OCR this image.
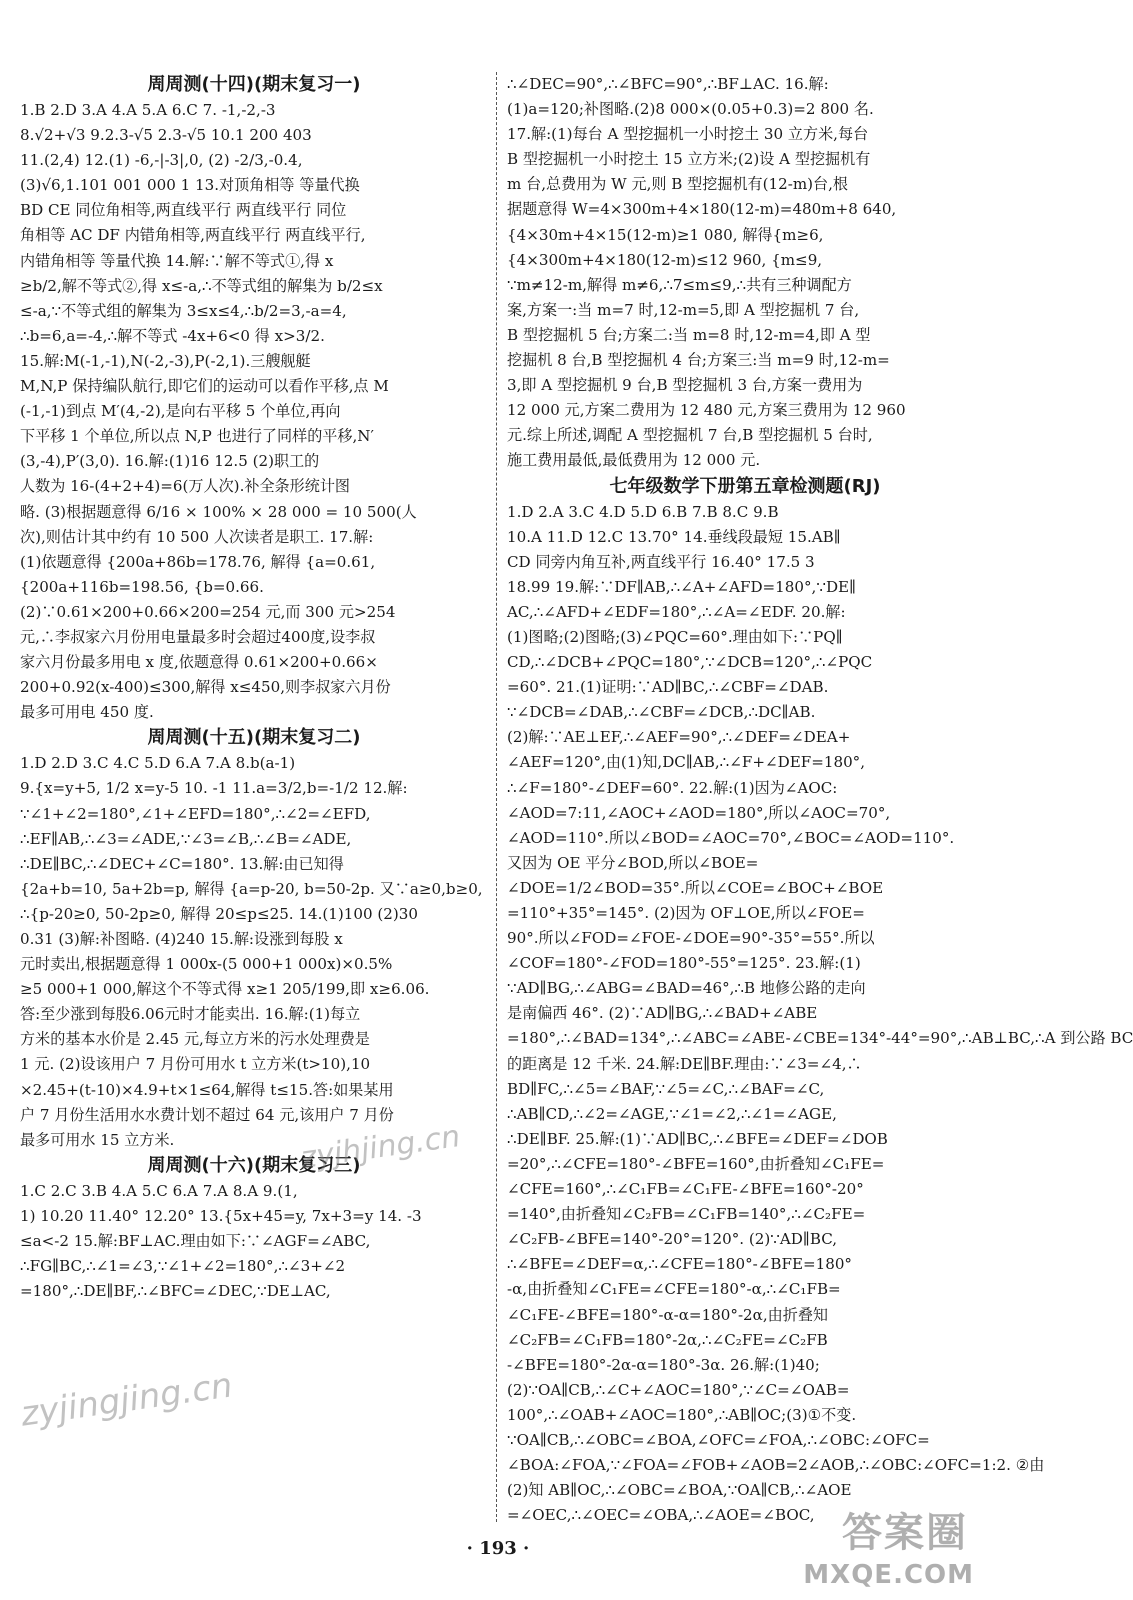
周周测(十四)(期末复习一)

1.B 2.D 3.A 4.A 5.A 6.C 7. -1,-2,-3

8.√2+√3 9.2.3-√5 2.3-√5 10.1 200 403

11.(2,4) 12.(1) -6,-|-3|,0, (2) -2/3,-0.4,

(3)√6,1.101 001 000 1 13.对顶角相等 等量代换

BD CE 同位角相等,两直线平行 两直线平行 同位

角相等 AC DF 内错角相等,两直线平行 两直线平行,

内错角相等 等量代换 14.解:∵解不等式①,得 x

≥b/2,解不等式②,得 x≤-a,∴不等式组的解集为 b/2≤x

≤-a,∵不等式组的解集为 3≤x≤4,∴b/2=3,-a=4,

∴b=6,a=-4,∴解不等式 -4x+6<0 得 x>3/2.

15.解:M(-1,-1),N(-2,-3),P(-2,1).三艘舰艇

M,N,P 保持编队航行,即它们的运动可以看作平移,点 M

(-1,-1)到点 M′(4,-2),是向右平移 5 个单位,再向

下平移 1 个单位,所以点 N,P 也进行了同样的平移,N′

(3,-4),P′(3,0). 16.解:(1)16 12.5 (2)职工的

人数为 16-(4+2+4)=6(万人次).补全条形统计图

略. (3)根据题意得 6/16 × 100% × 28 000 = 10 500(人

次),则估计其中约有 10 500 人次读者是职工. 17.解:

(1)依题意得 {200a+86b=178.76, 解得 {a=0.61,

{200a+116b=198.56, {b=0.66.

(2)∵0.61×200+0.66×200=254 元,而 300 元>254

元,∴李叔家六月份用电量最多时会超过400度,设李叔

家六月份最多用电 x 度,依题意得 0.61×200+0.66×

200+0.92(x-400)≤300,解得 x≤450,则李叔家六月份

最多可用电 450 度.

周周测(十五)(期末复习二)

1.D 2.D 3.C 4.C 5.D 6.A 7.A 8.b(a-1)

9.{x=y+5, 1/2 x=y-5 10. -1 11.a=3/2,b=-1/2 12.解:

∵∠1+∠2=180°,∠1+∠EFD=180°,∴∠2=∠EFD,

∴EF∥AB,∴∠3=∠ADE,∵∠3=∠B,∴∠B=∠ADE,

∴DE∥BC,∴∠DEC+∠C=180°. 13.解:由已知得

{2a+b=10, 5a+2b=p, 解得 {a=p-20, b=50-2p. 又∵a≥0,b≥0,

∴{p-20≥0, 50-2p≥0, 解得 20≤p≤25. 14.(1)100 (2)30

0.31 (3)解:补图略. (4)240 15.解:设涨到每股 x

元时卖出,根据题意得 1 000x-(5 000+1 000x)×0.5%

≥5 000+1 000,解这个不等式得 x≥1 205/199,即 x≥6.06.

答:至少涨到每股6.06元时才能卖出. 16.解:(1)每立

方米的基本水价是 2.45 元,每立方米的污水处理费是

1 元. (2)设该用户 7 月份可用水 t 立方米(t>10),10

×2.45+(t-10)×4.9+t×1≤64,解得 t≤15.答:如果某用

户 7 月份生活用水水费计划不超过 64 元,该用户 7 月份

最多可用水 15 立方米.

周周测(十六)(期末复习三)

1.C 2.C 3.B 4.A 5.C 6.A 7.A 8.A 9.(1,

1) 10.20 11.40° 12.20° 13.{5x+45=y, 7x+3=y 14. -3

≤a<-2 15.解:BF⊥AC.理由如下:∵∠AGF=∠ABC,

∴FG∥BC,∴∠1=∠3,∵∠1+∠2=180°,∴∠3+∠2

=180°,∴DE∥BF,∴∠BFC=∠DEC,∵DE⊥AC,

∴∠DEC=90°,∴∠BFC=90°,∴BF⊥AC. 16.解:

(1)a=120;补图略.(2)8 000×(0.05+0.3)=2 800 名.

17.解:(1)每台 A 型挖掘机一小时挖土 30 立方米,每台

B 型挖掘机一小时挖土 15 立方米;(2)设 A 型挖掘机有

m 台,总费用为 W 元,则 B 型挖掘机有(12-m)台,根

据题意得 W=4×300m+4×180(12-m)=480m+8 640,

{4×30m+4×15(12-m)≥1 080, 解得{m≥6,

{4×300m+4×180(12-m)≤12 960, {m≤9,

∵m≠12-m,解得 m≠6,∴7≤m≤9,∴共有三种调配方

案,方案一:当 m=7 时,12-m=5,即 A 型挖掘机 7 台,

B 型挖掘机 5 台;方案二:当 m=8 时,12-m=4,即 A 型

挖掘机 8 台,B 型挖掘机 4 台;方案三:当 m=9 时,12-m=

3,即 A 型挖掘机 9 台,B 型挖掘机 3 台,方案一费用为

12 000 元,方案二费用为 12 480 元,方案三费用为 12 960

元.综上所述,调配 A 型挖掘机 7 台,B 型挖掘机 5 台时,

施工费用最低,最低费用为 12 000 元.

七年级数学下册第五章检测题(RJ)

1.D 2.A 3.C 4.D 5.D 6.B 7.B 8.C 9.B

10.A 11.D 12.C 13.70° 14.垂线段最短 15.AB∥

CD 同旁内角互补,两直线平行 16.40° 17.5 3

18.99 19.解:∵DF∥AB,∴∠A+∠AFD=180°,∵DE∥

AC,∴∠AFD+∠EDF=180°,∴∠A=∠EDF. 20.解:

(1)图略;(2)图略;(3)∠PQC=60°.理由如下:∵PQ∥

CD,∴∠DCB+∠PQC=180°,∵∠DCB=120°,∴∠PQC

=60°. 21.(1)证明:∵AD∥BC,∴∠CBF=∠DAB.

∵∠DCB=∠DAB,∴∠CBF=∠DCB,∴DC∥AB.

(2)解:∵AE⊥EF,∴∠AEF=90°,∴∠DEF=∠DEA+

∠AEF=120°,由(1)知,DC∥AB,∴∠F+∠DEF=180°,

∴∠F=180°-∠DEF=60°. 22.解:(1)因为∠AOC:

∠AOD=7:11,∠AOC+∠AOD=180°,所以∠AOC=70°,

∠AOD=110°.所以∠BOD=∠AOC=70°,∠BOC=∠AOD=110°.

又因为 OE 平分∠BOD,所以∠BOE=

∠DOE=1/2∠BOD=35°.所以∠COE=∠BOC+∠BOE

=110°+35°=145°. (2)因为 OF⊥OE,所以∠FOE=

90°.所以∠FOD=∠FOE-∠DOE=90°-35°=55°.所以

∠COF=180°-∠FOD=180°-55°=125°. 23.解:(1)

∵AD∥BG,∴∠ABG=∠BAD=46°,∴B 地修公路的走向

是南偏西 46°. (2)∵AD∥BG,∴∠BAD+∠ABE

=180°,∴∠BAD=134°,∴∠ABC=∠ABE-∠CBE=134°-44°=90°,∴AB⊥BC,∴A 到公路 BC

的距离是 12 千米. 24.解:DE∥BF.理由:∵∠3=∠4,∴

BD∥FC,∴∠5=∠BAF,∵∠5=∠C,∴∠BAF=∠C,

∴AB∥CD,∴∠2=∠AGE,∵∠1=∠2,∴∠1=∠AGE,

∴DE∥BF. 25.解:(1)∵AD∥BC,∴∠BFE=∠DEF=∠DOB

=20°,∴∠CFE=180°-∠BFE=160°,由折叠知∠C₁FE=

∠CFE=160°,∴∠C₁FB=∠C₁FE-∠BFE=160°-20°

=140°,由折叠知∠C₂FB=∠C₁FB=140°,∴∠C₂FE=

∠C₂FB-∠BFE=140°-20°=120°. (2)∵AD∥BC,

∴∠BFE=∠DEF=α,∴∠CFE=180°-∠BFE=180°

-α,由折叠知∠C₁FE=∠CFE=180°-α,∴∠C₁FB=

∠C₁FE-∠BFE=180°-α-α=180°-2α,由折叠知

∠C₂FB=∠C₁FB=180°-2α,∴∠C₂FE=∠C₂FB

-∠BFE=180°-2α-α=180°-3α. 26.解:(1)40;

(2)∵OA∥CB,∴∠C+∠AOC=180°,∵∠C=∠OAB=

100°,∴∠OAB+∠AOC=180°,∴AB∥OC;(3)①不变.

∵OA∥CB,∴∠OBC=∠BOA,∠OFC=∠FOA,∴∠OBC:∠OFC=

∠BOA:∠FOA,∵∠FOA=∠FOB+∠AOB=2∠AOB,∴∠OBC:∠OFC=1:2. ②由

(2)知 AB∥OC,∴∠OBC=∠BOA,∵OA∥CB,∴∠AOE

=∠OEC,∴∠OEC=∠OBA,∴∠AOE=∠BOC,

· 193 ·
zyjhjing.cn
zyjingjing.cn
答案圈
MXQE.COM
